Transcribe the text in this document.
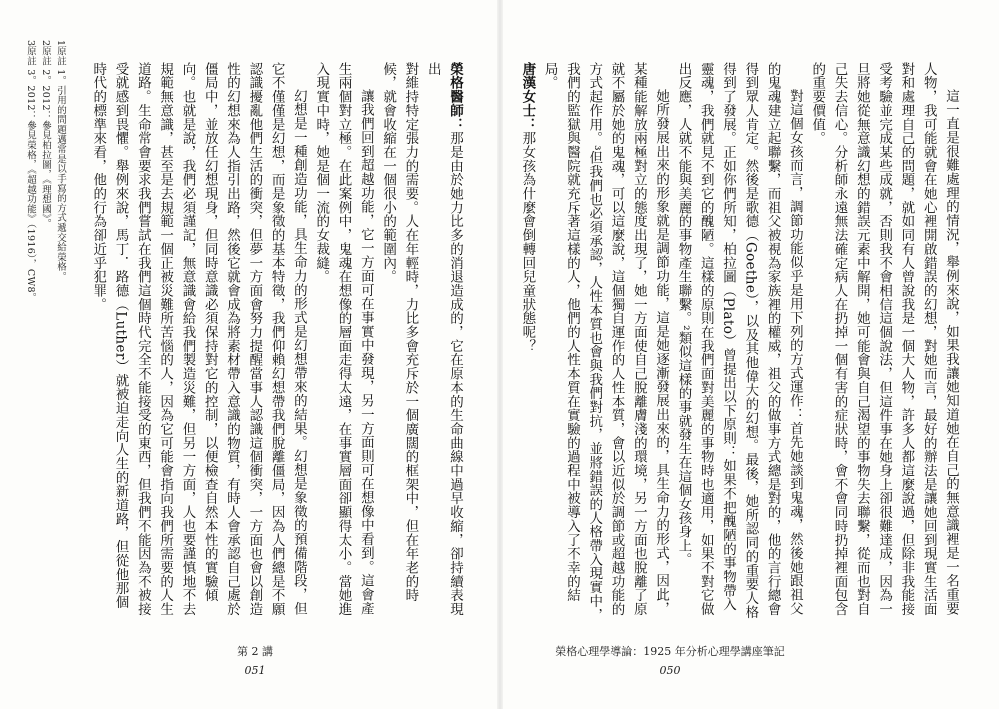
榮格醫師：那是由於她力比多的消退造成的，它在原本的生命曲線中過早收縮，卻持續表現出

對維持特定張力的需要。人在年輕時，力比多會充斥於一個廣闊的框架中，但在年老的時候，就會收縮在一個很小的範圍內。

讓我們回到超越功能，它一方面可在事實中發現，另一方面則可在想像中看到。這會產生兩個對立極。在此案例中，鬼魂在想像的層面走得太遠，在事實層面卻顯得太小。當她進入現實中時，她是個一流的女裁縫。

幻想是一種創造功能，具生命力的形式是幻想帶來的結果。幻想是象徵的預備階段，但它不僅僅是幻想，而是象徵的基本特徵，我們仰賴幻想帶我們脫離僵局，因為人們總是不願認識擾亂他們生活的衝突，但夢一方面會努力提醒當事人認識這個衝突，一方面也會以創造性的幻想來為人指引出路，然後它就會成為將素材帶入意識的物質，有時人會承認自己處於僵局中，並放任幻想現身，但同時意識必須保持對它的控制，以便檢查自然本性的實驗傾向。也就是說，我們必須謹記，無意識會給我們製造災難，但另一方面，人也要謹慎地不去規範無意識，甚至是去規範一個正被災難所苦惱的人，因為它可能會指向我們所需要的人生道路。生命常會要求我們嘗試在我們這個時代完全不能接受的東西，但我們不能因為不被接受就感到畏懼。舉例來說，馬丁．路德（Luther）就被迫走向人生的新道路，但從他那個時代的標準來看，他的行為卻近乎犯罪。

1原註 1。引用的問題邁常是以手寫的方式遞交給榮格。

2原註 2。2012：參見柏拉圖，《理想國》。

3原註 3。2012：參見榮格，《超越功能》（1916），CW8。

第 2 講
051

這一直是很難處理的情況，舉例來說，如果我讓她知道她在自己的無意識裡是一名重要人物，我可能就會在她心裡開啟錯誤的幻想，對她而言，最好的辦法是讓她回到現實生活面對和處理自己的問題，就如同有人曾說我是一個大人物，許多人都這麼說過，但除非我能接受考驗並完成某些成就，否則我不會相信這個說法，但這件事在她身上卻很難達成，因為一旦將她從無意識幻想的錯誤元素中解開，她可能會與自己渴望的事物失去聯繫，從而也對自己失去信心。分析師永遠無法確定病人在扔掉一個有害的症狀時，會不會同時扔掉裡面包含的重要價值。

對這個女孩而言，調節功能似乎是用下列的方式運作：首先她談到鬼魂，然後她跟祖父的鬼魂建立起聯繫，而祖父被視為家族裡的權威，祖父的做事方式總是對的，他的言行總會得到眾人肯定。然後是歌德（Goethe），以及其他偉大的幻想。最後，她所認同的重要人格得到了發展。正如你們所知，柏拉圖（Plato）曾提出以下原則：如果不把醜陋的事物帶入靈魂，我們就見不到它的醜陋。這樣的原則在我們面對美麗的事物時也適用，如果不對它做出反應，人就不能與美麗的事物產生聯繫。²類似這樣的事就發生在這個女孩身上。

她所發展出來的形象就是調節功能，這是她逐漸發展出來的，具生命力的形式，因此，某種能解放兩極對立的態度出現了，她一方面使自己脫離膚淺的環境，另一方面也脫離了原就不屬於她的鬼魂，可以這麼說，這個獨自運作的人性本質，會以近似於調節或超越功能的方式起作用。³但我們也必須承認，人性本質也會與我們對抗，並將錯誤的人格帶入現實中，我們的監獄與醫院就充斥著這樣的人，他們的人性本質在實驗的過程中被導入了不幸的結局。

唐漢女士：那女孩為什麼會倒轉回兒童狀態呢？

榮格心理學導論：1925 年分析心理學講座筆記
050
